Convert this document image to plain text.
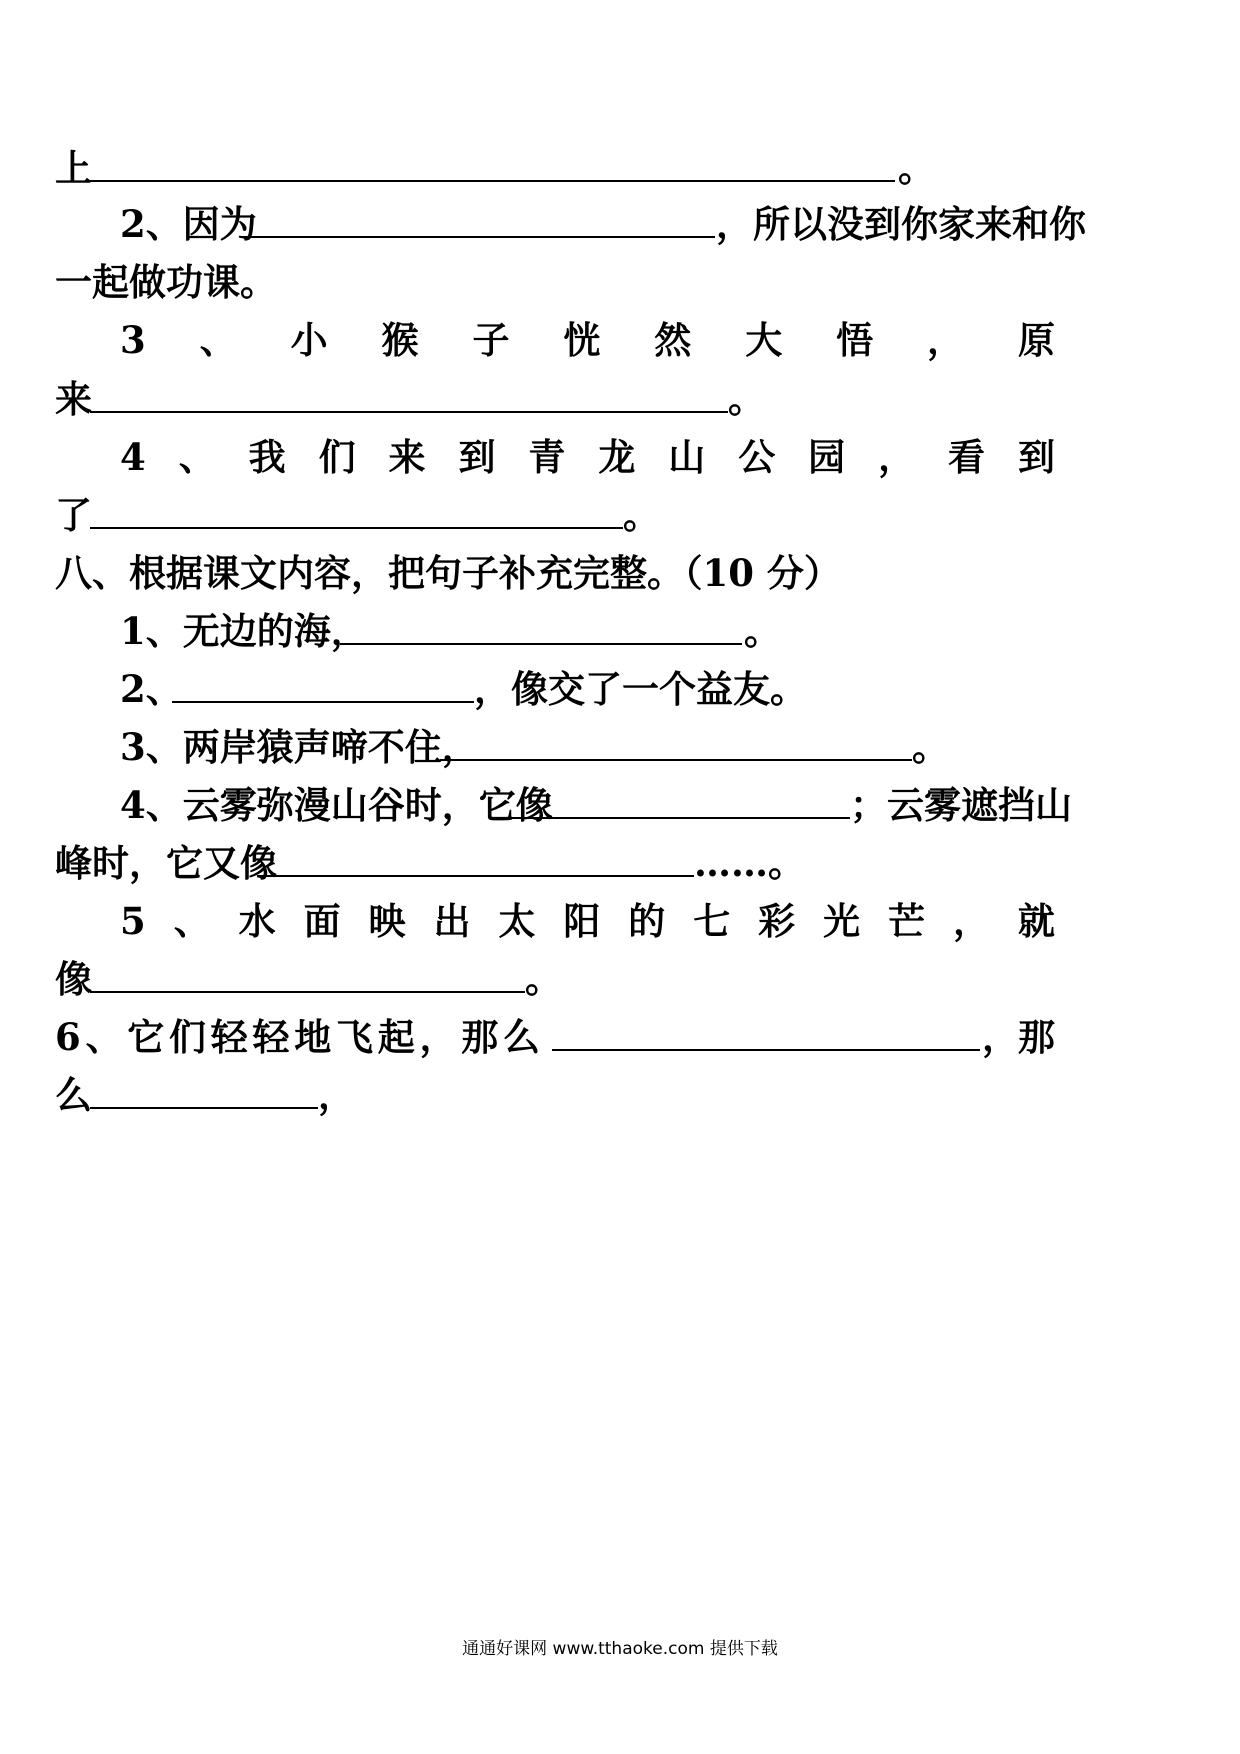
上	。
2、因为	，所以没到你家来和你
一起做功课。
3 、 小 猴 子 恍 然 大 悟 ， 原
来	。
4 、 我 们 来 到 青 龙 山 公 园 ， 看 到
了	。
八、根据课文内容，把句子补充完整。（10 分）
1、无边的海，	。
2、	，像交了一个益友。
3、两岸猿声啼不住，	。
4、云雾弥漫山谷时，它像	；云雾遮挡山
峰时，它又像	……。
5 、 水 面 映 出 太 阳 的 七 彩 光 芒 ， 就
像	。
6 、 它 们 轻 轻 地 飞 起 ， 那 么	， 那
么	，
通通好课网 www.tthaoke.com 提供下载
